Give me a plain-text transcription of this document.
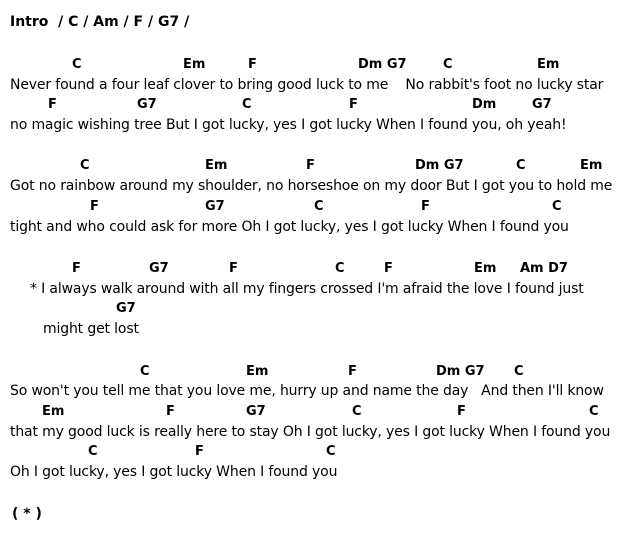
Intro  / C / Am / F / G7 /
C	Em	F	Dm G7	C	Em
Never found a four leaf clover to bring good luck to me    No rabbit's foot no lucky star
F	G7	C	F	Dm	G7
no magic wishing tree But I got lucky, yes I got lucky When I found you, oh yeah!
C	Em	F	Dm G7	C	Em
Got no rainbow around my shoulder, no horseshoe on my door But I got you to hold me
F	G7	C	F	C
tight and who could ask for more Oh I got lucky, yes I got lucky When I found you
F	G7	F	C	F	Em Am D7
* I always walk around with all my fingers crossed I'm afraid the love I found just
G7
might get lost
C	Em	F	Dm G7 C
So won't you tell me that you love me, hurry up and name the day   And then I'll know
Em	F	G7	C	F	C
that my good luck is really here to stay Oh I got lucky, yes I got lucky When I found you
C	F	C
Oh I got lucky, yes I got lucky When I found you
( * )
